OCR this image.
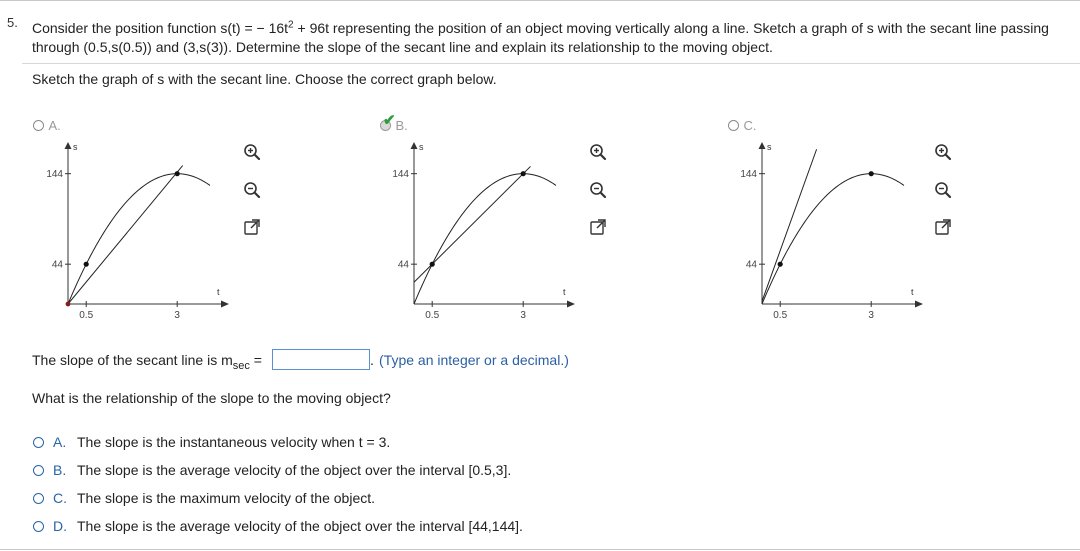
5. Consider the position function s(t) = − $16t^2 + 96t$ representing the position of an object moving vertically along a line. Sketch a graph of s with the secant line passing through (0.5,s(0.5)) and (3,s(3)). Determine the slope of the secant line and explain its relationship to the moving object.
Sketch the graph of s with the secant line. Choose the correct graph below.
A.
	✔ B.	C.
s
t
144
44
0.5	3
s
t
144
44
0.5	3
s
t
144
44
0.5	3
The slope of the secant line is $m_{sec}$ =	. (Type an integer or a decimal.)
What is the relationship of the slope to the moving object?
A. The slope is the instantaneous velocity when t = 3.
B. The slope is the average velocity of the object over the interval [0.5,3].
C. The slope is the maximum velocity of the object.
D. The slope is the average velocity of the object over the interval [44,144].
